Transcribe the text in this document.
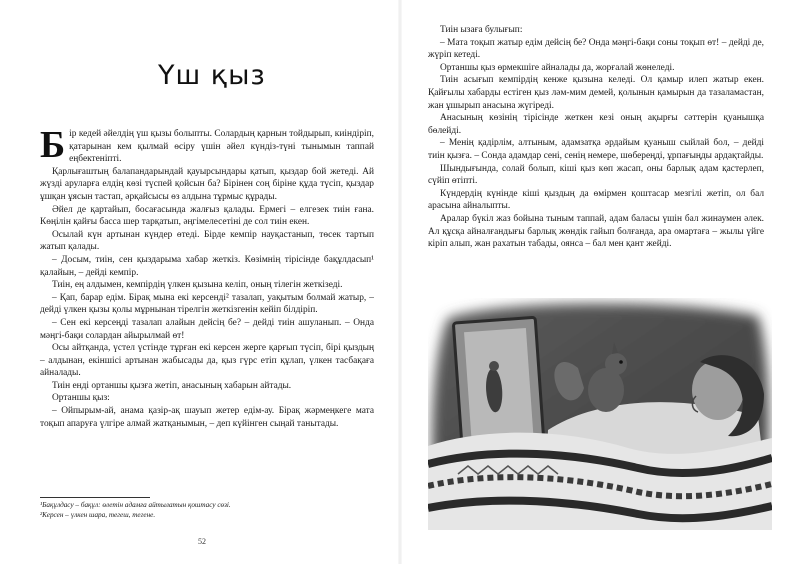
Үш қыз

Бір кедей әйелдің үш қызы болыпты. Солардың қарнын тойдырып, киіндіріп, қатарынан кем қылмай өсіру үшін әйел күндіз-түні тынымын таппай еңбектеніпті.

Қарлығаштың балапандарындай қауырсындары қатып, қыздар бой жетеді. Ай жүзді аруларға елдің көзі түспей қойсын ба? Бірінен соң біріне құда түсіп, қыздар ұшқан ұясын тастап, әрқайсысы өз алдына тұрмыс құрады.

Әйел де қартайып, босағасында жалғыз қалады. Ермегі – елгезек тиін ғана. Көңілін қайғы басса шер тарқатып, әңгімелесетіні де сол тиін екен.

Осылай күн артынан күндер өтеді. Бірде кемпір науқастанып, төсек тартып жатып қалады.

– Досым, тиін, сен қыздарыма хабар жеткіз. Көзімнің тірісінде бақұлдасып¹ қалайын, – дейді кемпір.

Тиін, ең алдымен, кемпірдің үлкен қызына келіп, оның тілегін жеткізеді.

– Қап, барар едім. Бірақ мына екі керсенді² тазалап, уақытым болмай жатыр, – дейді үлкен қызы қолы мұрнынан тірелгін жеткізгенін кейіп білдіріп.

– Сен екі керсеңді тазалап алайын дейсің бе? – дейді тиін ашуланып. – Онда мәңгі-бақи солардан айырылмай өт!

Осы айтқанда, үстел үстінде тұрған екі керсен жерге қарғып түсіп, бірі қыздың – алдынан, екіншісі артынан жабысады да, қыз гүрс етіп құлап, үлкен тасбақаға айналады.

Тиін енді ортаншы қызға жетіп, анасының хабарын айтады.

Ортаншы қыз:

– Ойпырым-ай, анама қазір-ақ шауып жетер едім-ау. Бірақ жәрмеңкеге мата тоқып апаруға үлгіре алмай жатқанымын, – деп күйінген сыңай танытады.

¹Бақұлдасу – бақұл: өлетін адамға айтылатын қоштасу сөзі.
²Керсен – үлкен шара, тегеш, тегене.
52

Тиін ызаға булығып:

– Мата тоқып жатыр едім дейсің бе? Онда мәңгі-бақи соны тоқып өт! – дейді де, жүріп кетеді.

Ортаншы қыз өрмекшіге айналады да, жорғалай жөнеледі.

Тиін асығып кемпірдің кенже қызына келеді. Ол қамыр илеп жатыр екен. Қайғылы хабарды естіген қыз ләм-мим демей, қолынын қамырын да тазаламастан, жан ұшырып анасына жүгіреді.

Анасының көзінің тірісінде жеткен кезі оның ақырғы сәттерін қуанышқа бөлейді.

– Менің қадірлім, алтыным, адамзатқа әрдайым қуаныш сыйлай бол, – дейді тиін қызға. – Сонда адамдар сені, сенің немере, шөбереңді, ұрпағыңды ардақтайды.

Шындығында, солай болып, кіші қыз көп жасап, оны барлық адам қастерлеп, сүйіп өтіпті.

Күндердің күнінде кіші қыздың да өмірмен қоштасар мезгілі жетіп, ол бал арасына айналыпты.

Аралар бүкіл жаз бойына тыным таппай, адам баласы үшін бал жинаумен әлек. Ал құсқа айналғандығы барлық жөндік гайып болғанда, ара омартаға – жылы үйге кіріп алып, жан рахатын табады, оянса – бал мен қант жейді.
